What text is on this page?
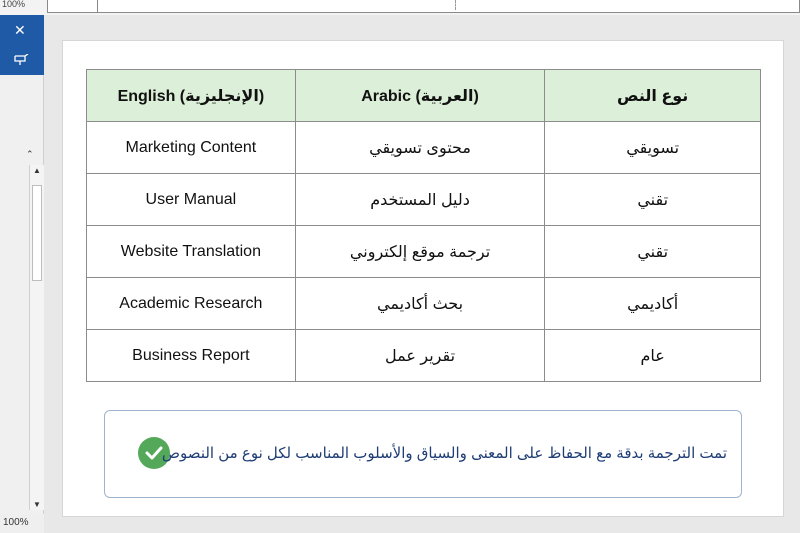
100%
✕
⌃
▲
▼
100%
English (الإنجليزية)	Arabic (العربية)	نوع النص
Marketing Content	محتوى تسويقي	تسويقي
User Manual	دليل المستخدم	تقني
Website Translation	ترجمة موقع إلكتروني	تقني
Academic Research	بحث أكاديمي	أكاديمي
Business Report	تقرير عمل	عام
تمت الترجمة بدقة مع الحفاظ على المعنى والسياق والأسلوب المناسب لكل نوع من النصوص
